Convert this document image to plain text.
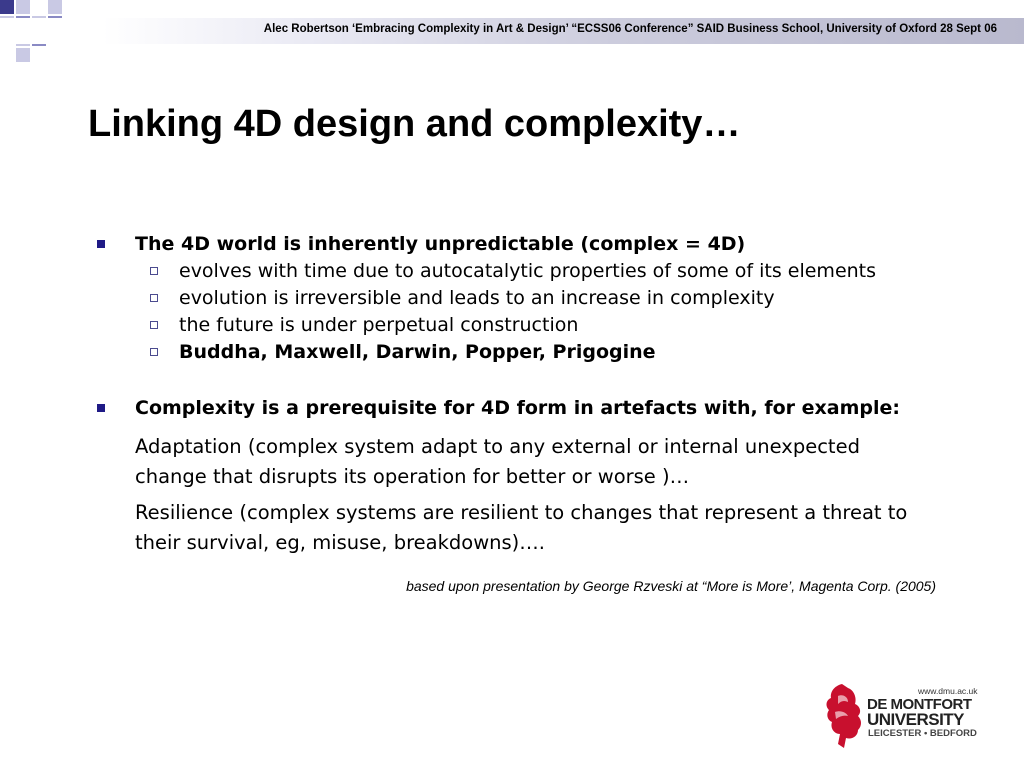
Alec Robertson ‘Embracing Complexity in Art & Design’ “ECSS06 Conference” SAID Business School, University of Oxford 28 Sept 06
Linking 4D design and complexity…
The 4D world is inherently unpredictable (complex = 4D)
evolves with time due to autocatalytic properties of some of its elements
evolution is irreversible and leads to an increase in complexity
the future is under perpetual construction
Buddha, Maxwell, Darwin, Popper, Prigogine
Complexity is a prerequisite for 4D form in artefacts with, for example:
Adaptation (complex system adapt to any external or internal unexpected change that disrupts its operation for better or worse )…
Resilience (complex systems are resilient to changes that represent a threat to their survival, eg, misuse, breakdowns)….
based upon presentation by George Rzveski at “More is More’, Magenta Corp. (2005)
www.dmu.ac.uk
DE MONTFORT
UNIVERSITY
LEICESTER • BEDFORD
